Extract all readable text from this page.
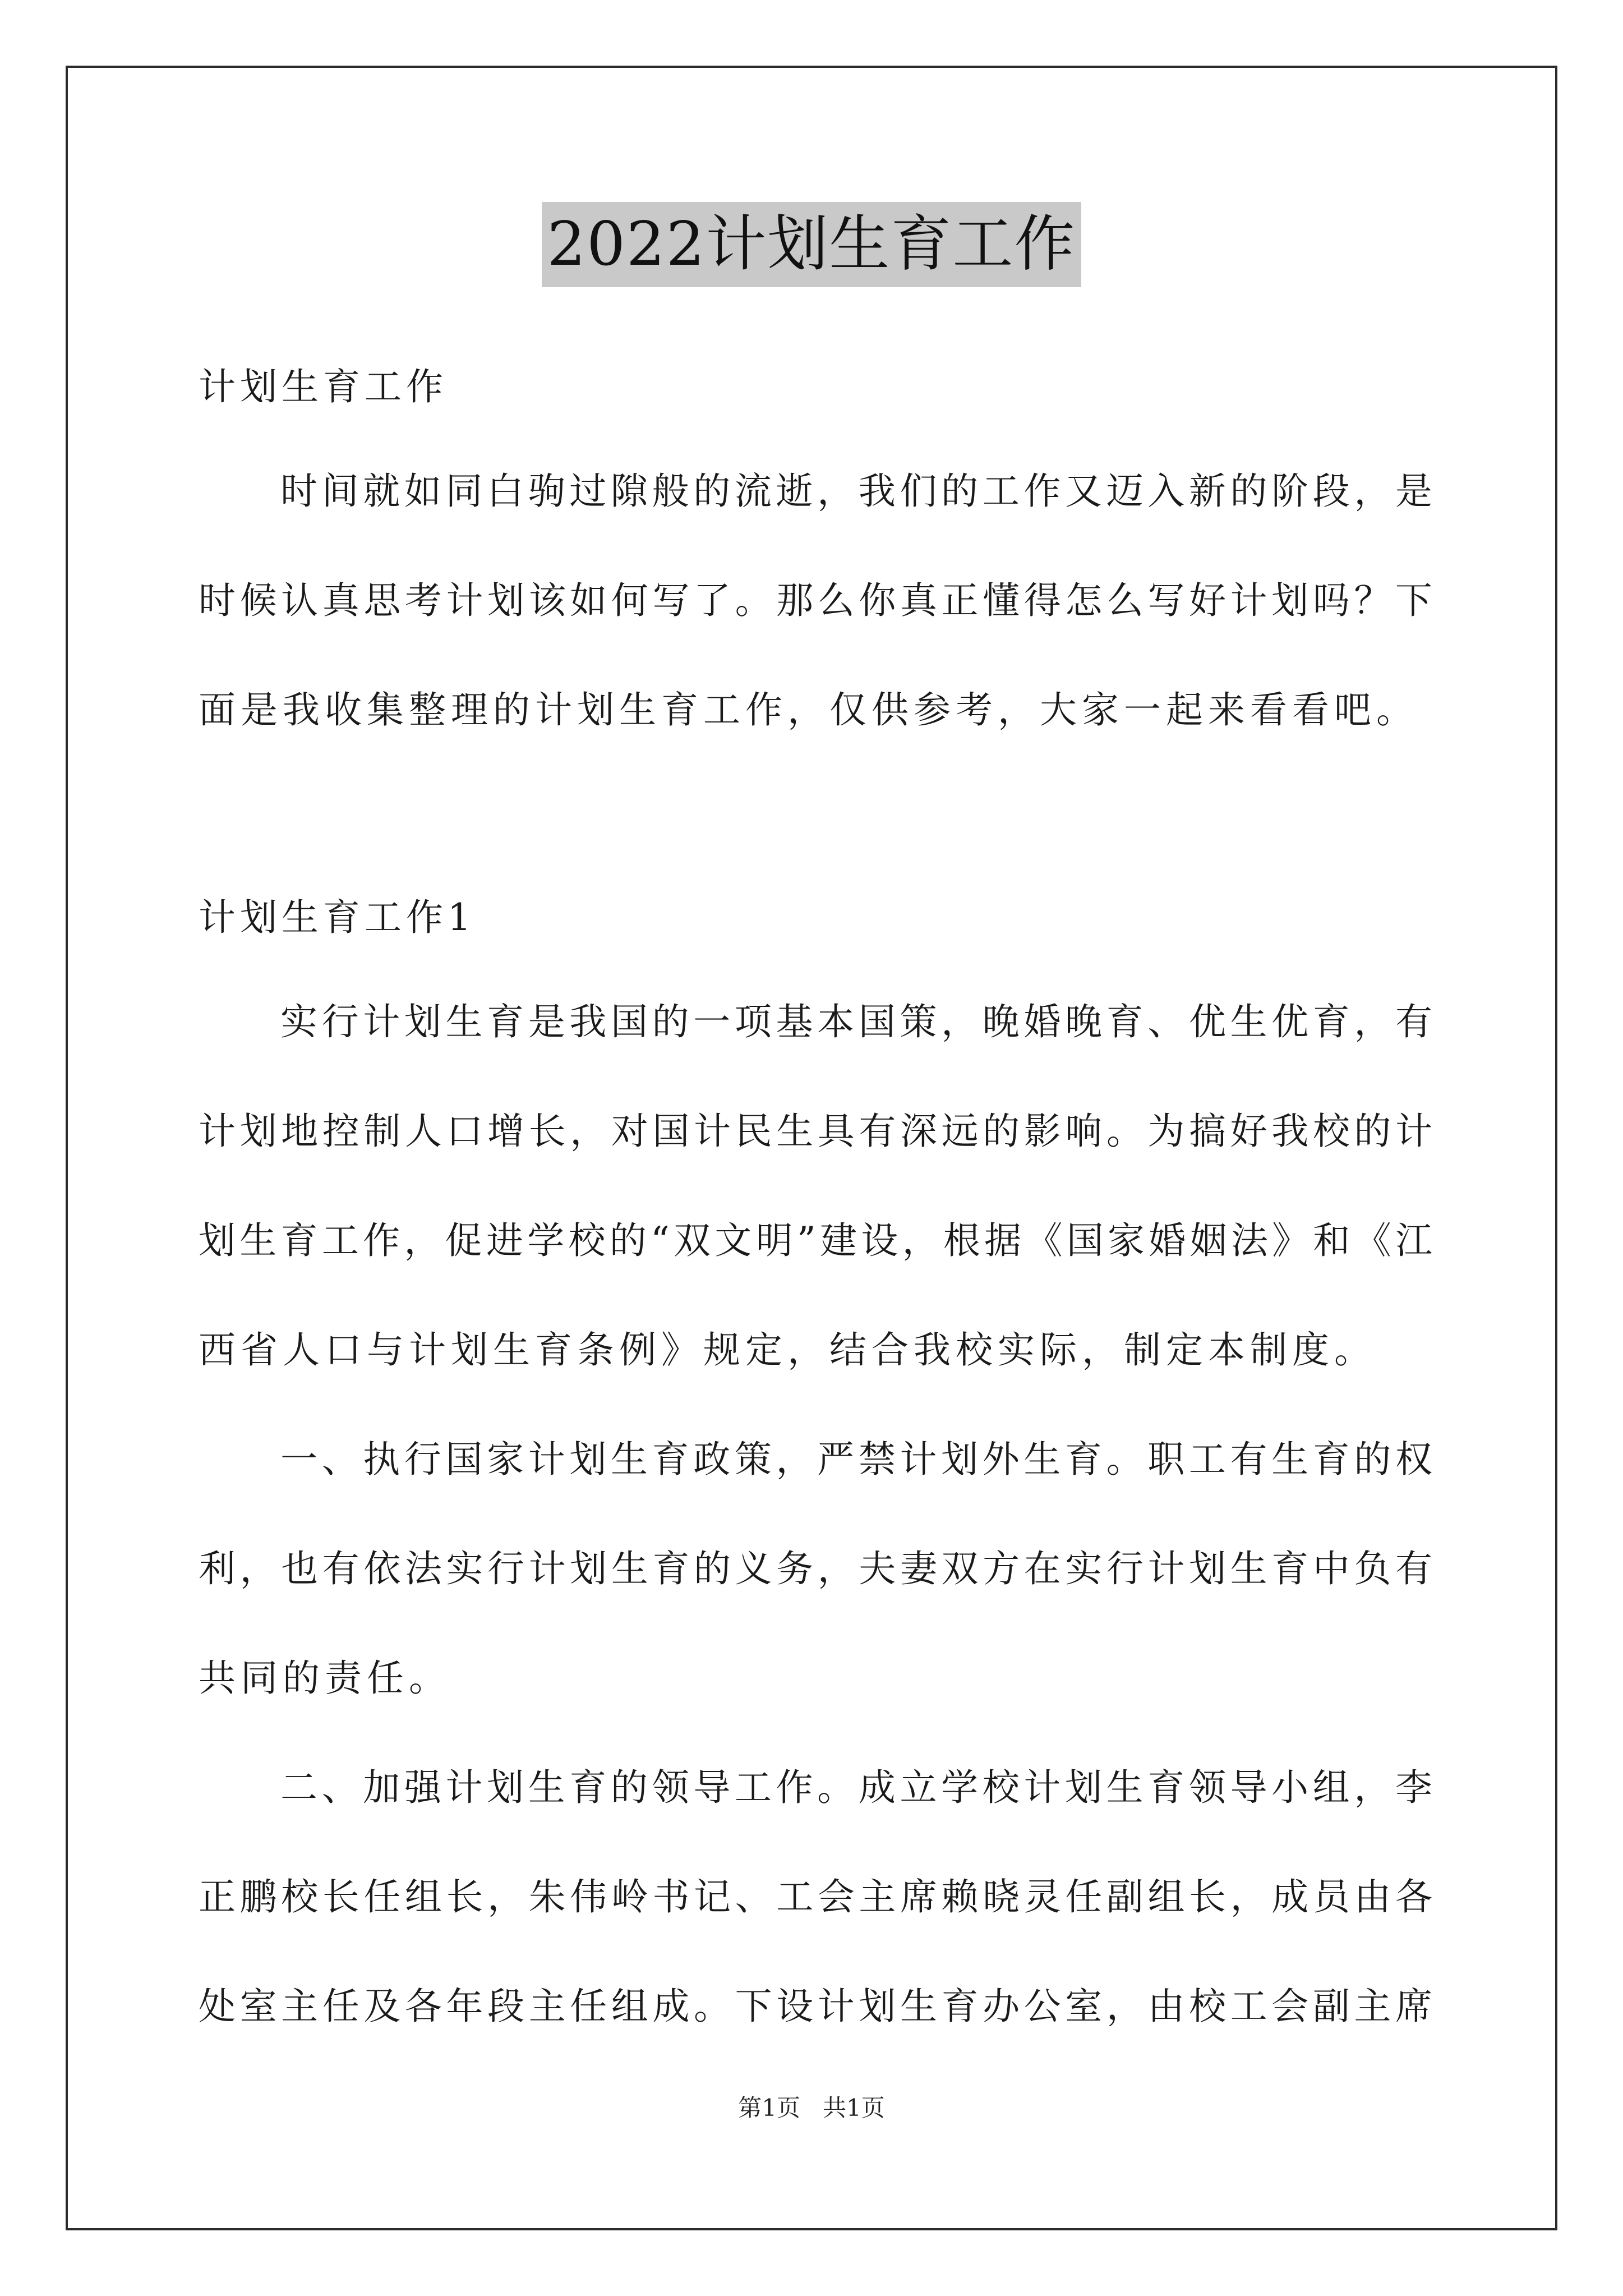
2022计划生育工作
计划生育工作
时间就如同白驹过隙般的流逝，我们的工作又迈入新的阶段，是
时候认真思考计划该如何写了。那么你真正懂得怎么写好计划吗？下
面是我收集整理的计划生育工作，仅供参考，大家一起来看看吧。
计划生育工作1
实行计划生育是我国的一项基本国策，晚婚晚育、优生优育，有
计划地控制人口增长，对国计民生具有深远的影响。为搞好我校的计
划生育工作，促进学校的“双文明”建设，根据《国家婚姻法》和《江
西省人口与计划生育条例》规定，结合我校实际，制定本制度。
一、执行国家计划生育政策，严禁计划外生育。职工有生育的权
利，也有依法实行计划生育的义务，夫妻双方在实行计划生育中负有
共同的责任。
二、加强计划生育的领导工作。成立学校计划生育领导小组，李
正鹏校长任组长，朱伟岭书记、工会主席赖晓灵任副组长，成员由各
处室主任及各年段主任组成。下设计划生育办公室，由校工会副主席
第1页   共1页
